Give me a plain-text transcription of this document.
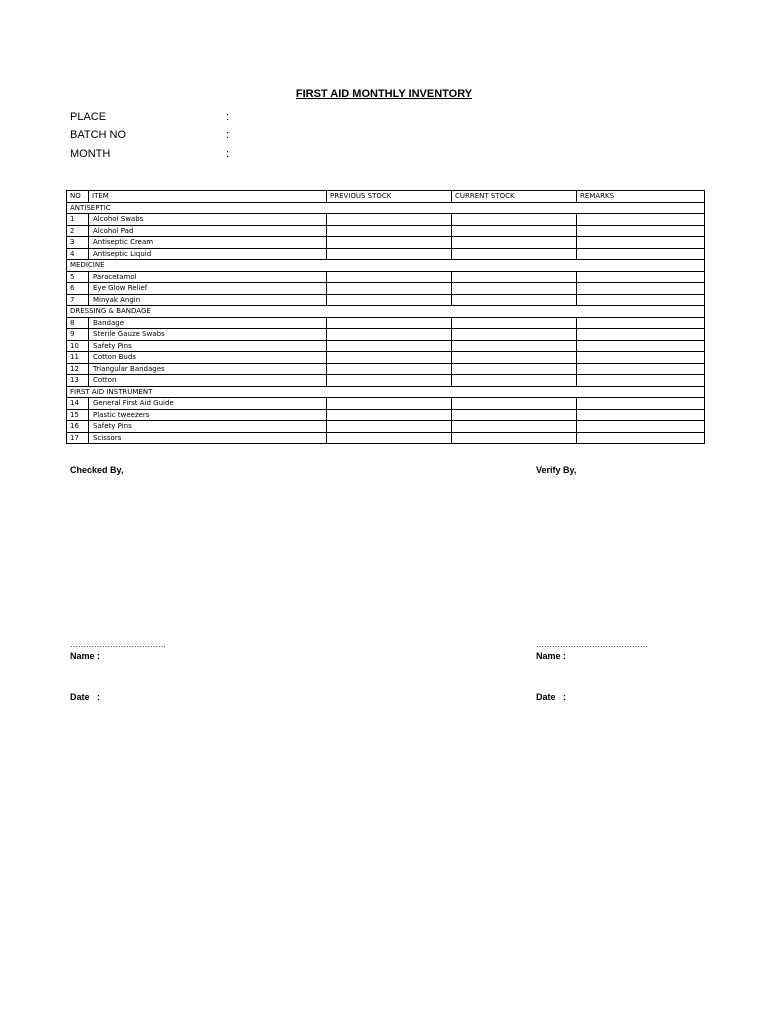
FIRST AID MONTHLY INVENTORY
PLACE	:
BATCH NO	:
MONTH	:
NO	ITEM	PREVIOUS STOCK	CURRENT STOCK	REMARKS
ANTISEPTIC				
1	Alcohol Swabs			
2	Alcohol Pad			
3	Antiseptic Cream			
4	Antiseptic Liquid			
MEDICINE				
5	Paracetamol			
6	Eye Glow Relief			
7	Minyak Angin			
DRESSING & BANDAGE				
8	Bandage			
9	Sterile Gauze Swabs			
10	Safety Pins			
11	Cotton Buds			
12	Triangular Bandages			
13	Cotton			
FIRST AID INSTRUMENT				
14	General First Aid Guide			
15	Plastic tweezers			
16	Safety Pins			
17	Scissors			
Checked By,	Verify By,
………………………………	……………………………………
Name :	Name :
Date   :	Date   :
